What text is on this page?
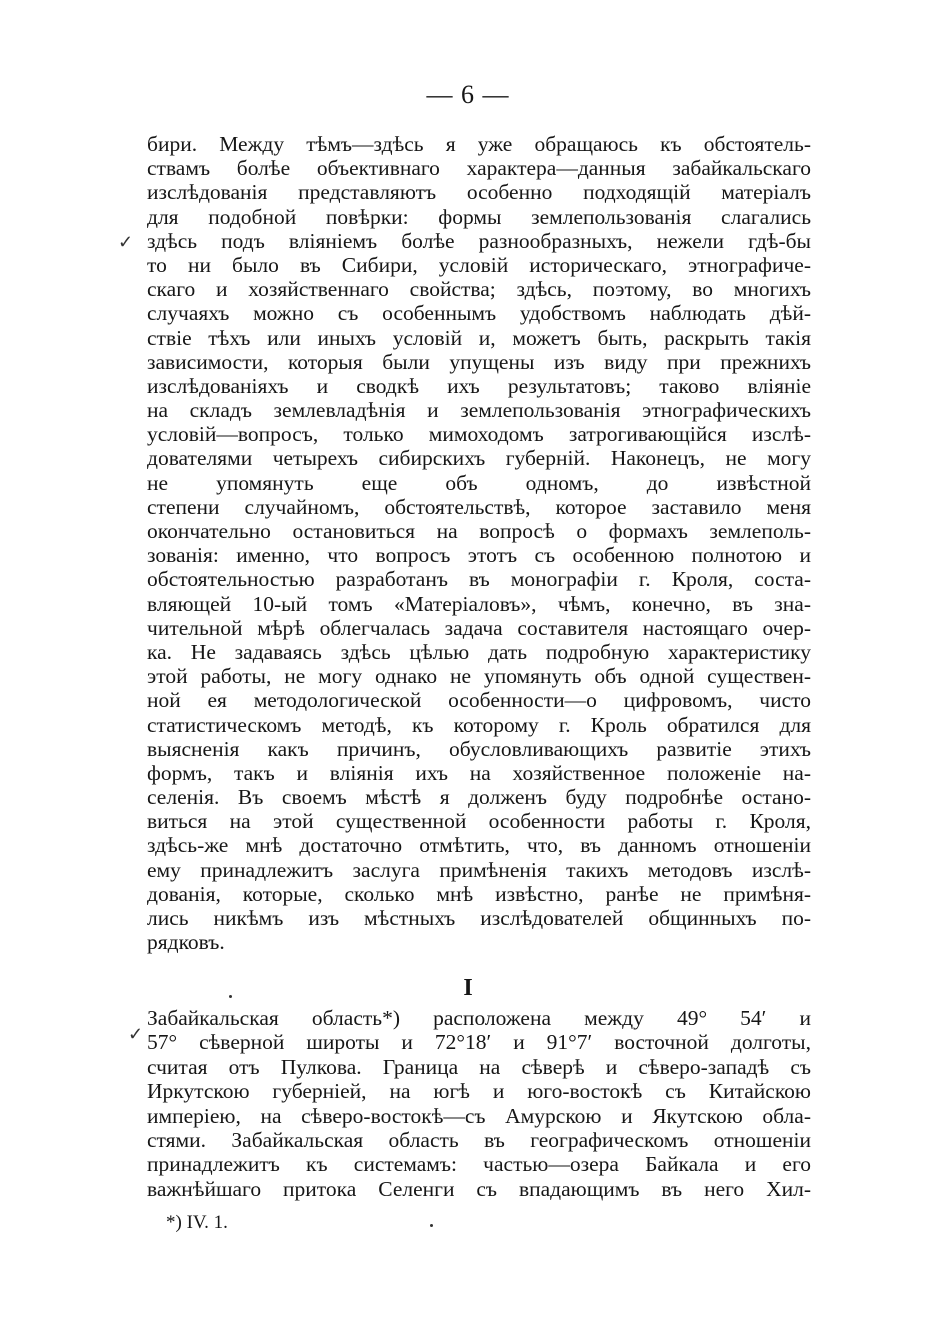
— 6 —
✓
✓
бири. Между тѣмъ—здѣсь я уже обращаюсь къ обстоятель-
ствамъ болѣе объективнаго характера—данныя забайкальскаго
изслѣдованія представляютъ особенно подходящій матеріалъ
для подобной повѣрки: формы землепользованія слагались
здѣсь подъ вліяніемъ болѣе разнообразныхъ, нежели гдѣ-бы
то ни было въ Сибири, условій историческаго, этнографиче-
скаго и хозяйственнаго свойства; здѣсь, поэтому, во многихъ
случаяхъ можно съ особеннымъ удобствомъ наблюдать дѣй-
ствіе тѣхъ или иныхъ условій и, можетъ быть, раскрыть такія
зависимости, которыя были упущены изъ виду при прежнихъ
изслѣдованіяхъ и сводкѣ ихъ результатовъ; таково вліяніе
на складъ землевладѣнія и землепользованія этнографическихъ
условій—вопросъ, только мимоходомъ затрогивающійся изслѣ-
дователями четырехъ сибирскихъ губерній. Наконецъ, не могу
не упомянуть еще объ одномъ, до извѣстной
степени случайномъ, обстоятельствѣ, которое заставило меня
окончательно остановиться на вопросѣ о формахъ землеполь-
зованія: именно, что вопросъ этотъ съ особенною полнотою и
обстоятельностью разработанъ въ монографіи г. Кроля, соста-
вляющей 10-ый томъ «Матеріаловъ», чѣмъ, конечно, въ зна-
чительной мѣрѣ облегчалась задача составителя настоящаго очер-
ка. Не задаваясь здѣсь цѣлью дать подробную характеристику
этой работы, не могу однако не упомянуть объ одной существен-
ной ея методологической особенности—о цифровомъ, чисто
статистическомъ методѣ, къ которому г. Кроль обратился для
выясненія какъ причинъ, обусловливающихъ развитіе этихъ
формъ, такъ и вліянія ихъ на хозяйственное положеніе на-
селенія. Въ своемъ мѣстѣ я долженъ буду подробнѣе остано-
виться на этой существенной особенности работы г. Кроля,
здѣсь-же мнѣ достаточно отмѣтить, что, въ данномъ отношеніи
ему принадлежитъ заслуга примѣненія такихъ методовъ изслѣ-
дованія, которые, сколько мнѣ извѣстно, ранѣе не примѣня-
лись никѣмъ изъ мѣстныхъ изслѣдователей общинныхъ по-
рядковъ.
I
Забайкальская область*) расположена между 49° 54′ и
57° сѣверной широты и 72°18′ и 91°7′ восточной долготы,
считая отъ Пулкова. Граница на сѣверѣ и сѣверо-западѣ съ
Иркутскою губерніей, на югѣ и юго-востокѣ съ Китайскою
имперіею, на сѣверо-востокѣ—съ Амурскою и Якутскою обла-
стями. Забайкальская область въ географическомъ отношеніи
принадлежитъ къ системамъ: частью—озера Байкала и его
важнѣйшаго притока Селенги съ впадающимъ въ него Хил-
*) IV. 1.
